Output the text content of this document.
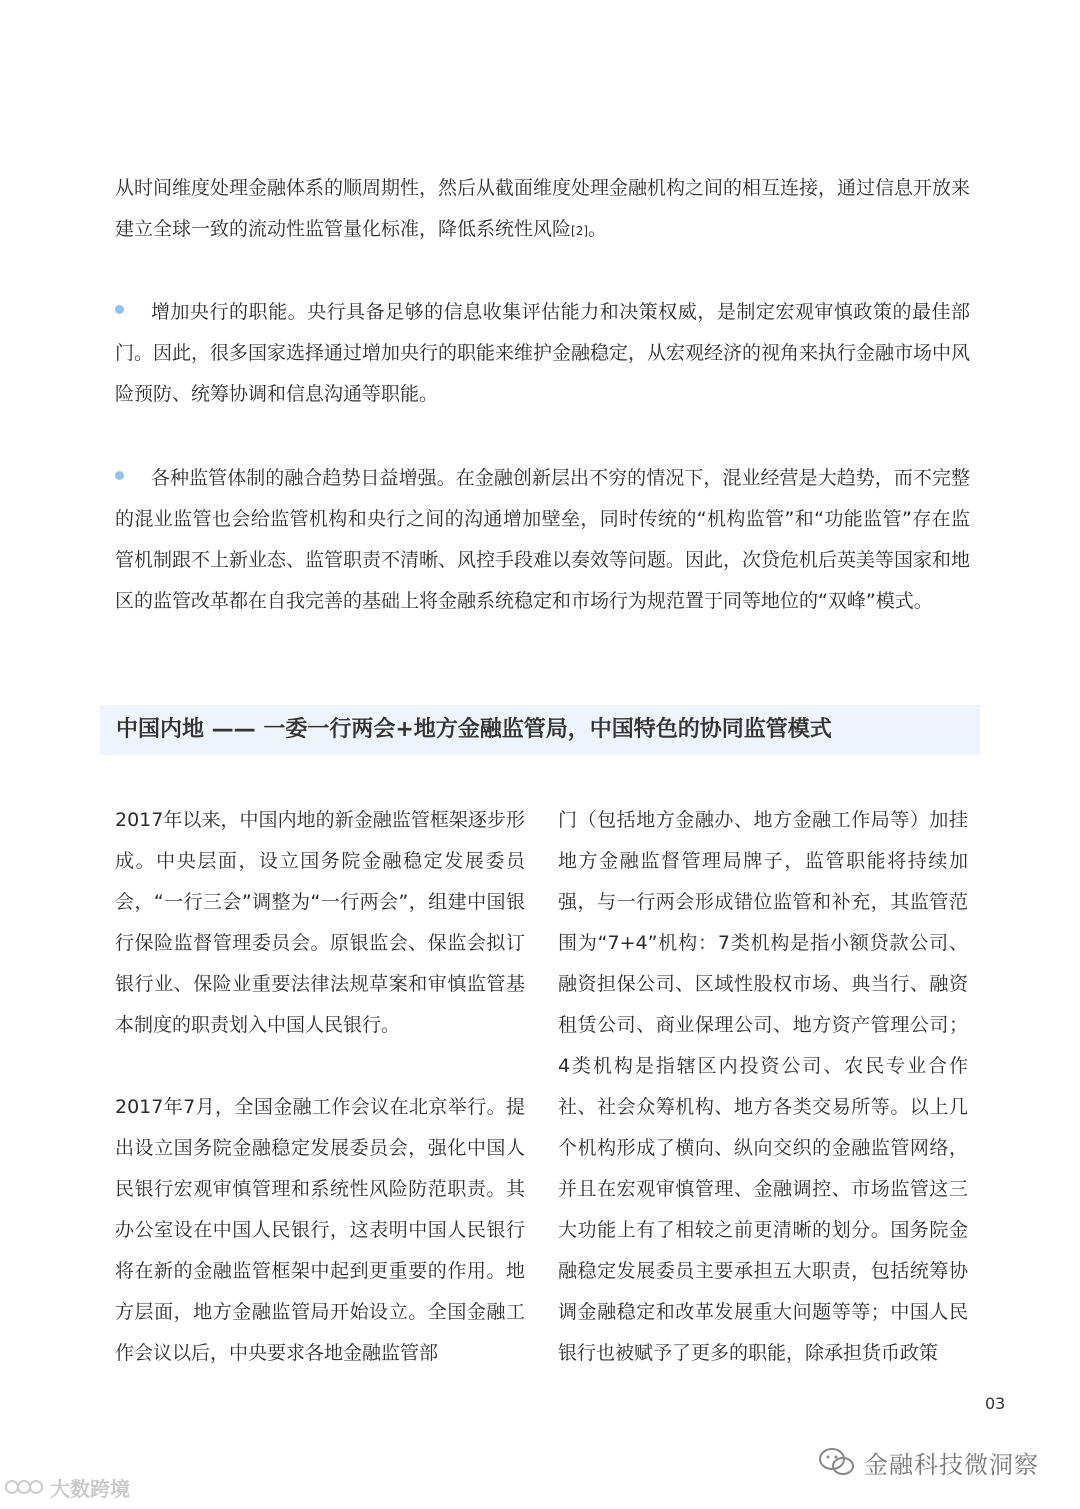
从时间维度处理金融体系的顺周期性，然后从截面维度处理金融机构之间的相互连接，通过信息开放来建立全球一致的流动性监管量化标准，降低系统性风险[2]。

增加央行的职能。央行具备足够的信息收集评估能力和决策权威，是制定宏观审慎政策的最佳部门。因此，很多国家选择通过增加央行的职能来维护金融稳定，从宏观经济的视角来执行金融市场中风险预防、统筹协调和信息沟通等职能。

各种监管体制的融合趋势日益增强。在金融创新层出不穷的情况下，混业经营是大趋势，而不完整的混业监管也会给监管机构和央行之间的沟通增加壁垒，同时传统的“机构监管”和“功能监管”存在监管机制跟不上新业态、监管职责不清晰、风控手段难以奏效等问题。因此，次贷危机后英美等国家和地区的监管改革都在自我完善的基础上将金融系统稳定和市场行为规范置于同等地位的“双峰”模式。

中国内地 —— 一委一行两会+地方金融监管局，中国特色的协同监管模式

2017年以来，中国内地的新金融监管框架逐步形成。中央层面，设立国务院金融稳定发展委员会，“一行三会”调整为“一行两会”，组建中国银行保险监督管理委员会。原银监会、保监会拟订银行业、保险业重要法律法规草案和审慎监管基本制度的职责划入中国人民银行。

2017年7月，全国金融工作会议在北京举行。提出设立国务院金融稳定发展委员会，强化中国人民银行宏观审慎管理和系统性风险防范职责。其办公室设在中国人民银行，这表明中国人民银行将在新的金融监管框架中起到更重要的作用。地方层面，地方金融监管局开始设立。全国金融工作会议以后，中央要求各地金融监管部

门（包括地方金融办、地方金融工作局等）加挂地方金融监督管理局牌子，监管职能将持续加强，与一行两会形成错位监管和补充，其监管范围为“7+4”机构：7类机构是指小额贷款公司、融资担保公司、区域性股权市场、典当行、融资租赁公司、商业保理公司、地方资产管理公司；4类机构是指辖区内投资公司、农民专业合作社、社会众筹机构、地方各类交易所等。以上几个机构形成了横向、纵向交织的金融监管网络，并且在宏观审慎管理、金融调控、市场监管这三大功能上有了相较之前更清晰的划分。国务院金融稳定发展委员主要承担五大职责，包括统筹协调金融稳定和改革发展重大问题等等；中国人民银行也被赋予了更多的职能，除承担货币政策

03
金融科技微洞察
大数跨境
